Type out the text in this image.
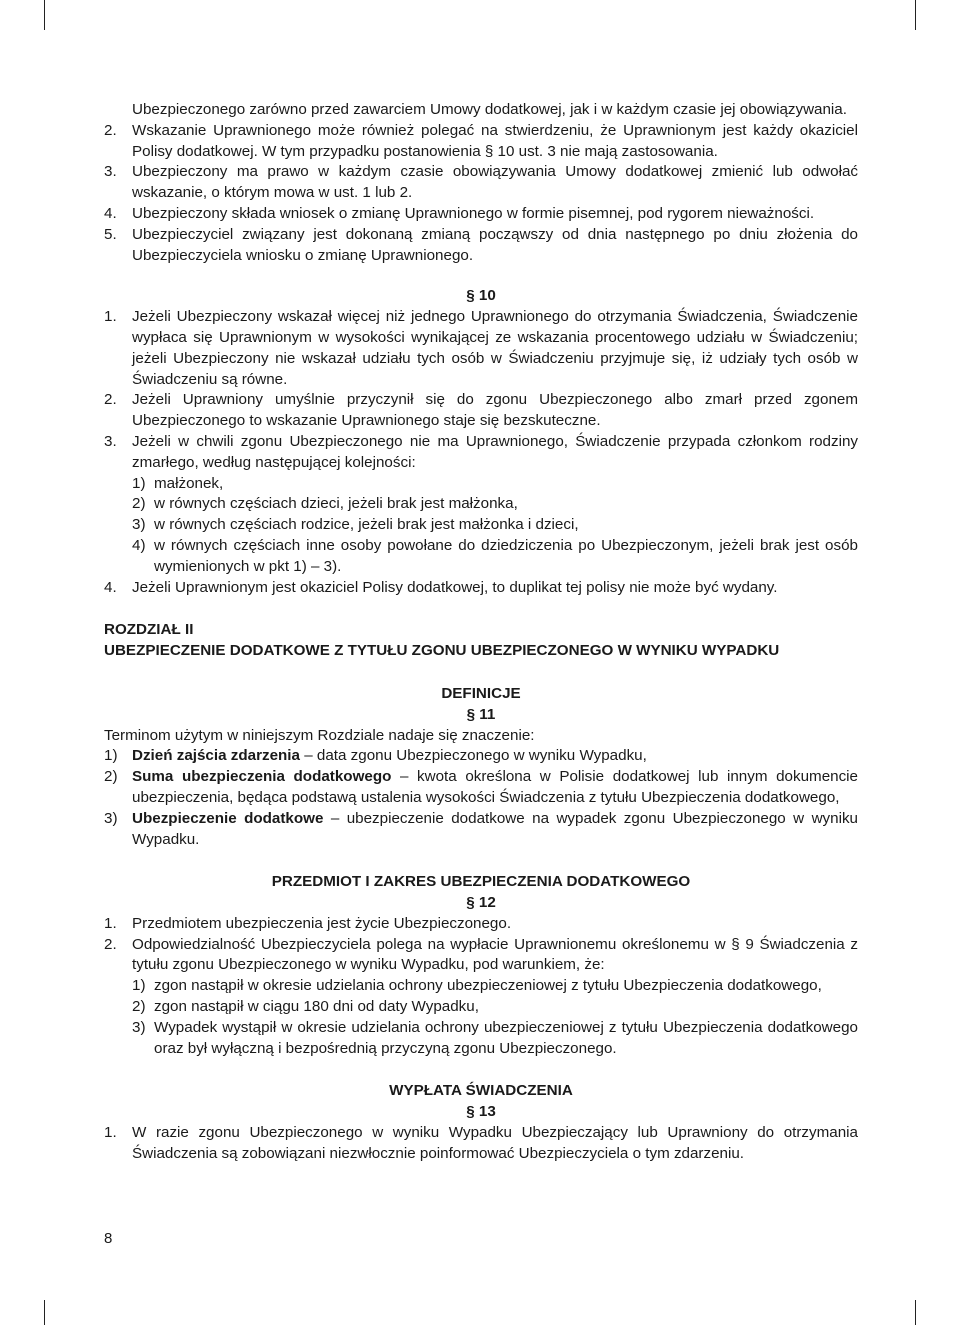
Ubezpieczonego zarówno przed zawarciem Umowy dodatkowej, jak i w każdym czasie jej obowiązywania.
2. Wskazanie Uprawnionego może również polegać na stwierdzeniu, że Uprawnionym jest każdy okaziciel Polisy dodatkowej. W tym przypadku postanowienia § 10 ust. 3 nie mają zastosowania.
3. Ubezpieczony ma prawo w każdym czasie obowiązywania Umowy dodatkowej zmienić lub odwołać wskazanie, o którym mowa w ust. 1 lub 2.
4. Ubezpieczony składa wniosek o zmianę Uprawnionego w formie pisemnej, pod rygorem nieważności.
5. Ubezpieczyciel związany jest dokonaną zmianą począwszy od dnia następnego po dniu złożenia do Ubezpieczyciela wniosku o zmianę Uprawnionego.

§ 10

1. Jeżeli Ubezpieczony wskazał więcej niż jednego Uprawnionego do otrzymania Świadczenia, Świadczenie wypłaca się Uprawnionym w wysokości wynikającej ze wskazania procentowego udziału w Świadczeniu; jeżeli Ubezpieczony nie wskazał udziału tych osób w Świadczeniu przyjmuje się, iż udziały tych osób w Świadczeniu są równe.
2. Jeżeli Uprawniony umyślnie przyczynił się do zgonu Ubezpieczonego albo zmarł przed zgonem Ubezpieczonego to wskazanie Uprawnionego staje się bezskuteczne.
3. Jeżeli w chwili zgonu Ubezpieczonego nie ma Uprawnionego, Świadczenie przypada członkom rodziny zmarłego, według następującej kolejności:
1) małżonek,
2) w równych częściach dzieci, jeżeli brak jest małżonka,
3) w równych częściach rodzice, jeżeli brak jest małżonka i dzieci,
4) w równych częściach inne osoby powołane do dziedziczenia po Ubezpieczonym, jeżeli brak jest osób wymienionych w pkt 1) – 3).
4. Jeżeli Uprawnionym jest okaziciel Polisy dodatkowej, to duplikat tej polisy nie może być wydany.

ROZDZIAŁ II

UBEZPIECZENIE DODATKOWE Z TYTUŁU ZGONU UBEZPIECZONEGO W WYNIKU WYPADKU

DEFINICJE

§ 11

Terminom użytym w niniejszym Rozdziale nadaje się znaczenie:

1) Dzień zajścia zdarzenia – data zgonu Ubezpieczonego w wyniku Wypadku,
2) Suma ubezpieczenia dodatkowego – kwota określona w Polisie dodatkowej lub innym dokumencie ubezpieczenia, będąca podstawą ustalenia wysokości Świadczenia z tytułu Ubezpieczenia dodatkowego,
3) Ubezpieczenie dodatkowe – ubezpieczenie dodatkowe na wypadek zgonu Ubezpieczonego w wyniku Wypadku.

PRZEDMIOT I ZAKRES UBEZPIECZENIA DODATKOWEGO

§ 12

1. Przedmiotem ubezpieczenia jest życie Ubezpieczonego.
2. Odpowiedzialność Ubezpieczyciela polega na wypłacie Uprawnionemu określonemu w § 9 Świadczenia z tytułu zgonu Ubezpieczonego w wyniku Wypadku, pod warunkiem, że:
1) zgon nastąpił w okresie udzielania ochrony ubezpieczeniowej z tytułu Ubezpieczenia dodatkowego,
2) zgon nastąpił w ciągu 180 dni od daty Wypadku,
3) Wypadek wystąpił w okresie udzielania ochrony ubezpieczeniowej z tytułu Ubezpieczenia dodatkowego oraz był wyłączną i bezpośrednią przyczyną zgonu Ubezpieczonego.

WYPŁATA ŚWIADCZENIA

§ 13

1. W razie zgonu Ubezpieczonego w wyniku Wypadku Ubezpieczający lub Uprawniony do otrzymania Świadczenia są zobowiązani niezwłocznie poinformować Ubezpieczyciela o tym zdarzeniu.
8
